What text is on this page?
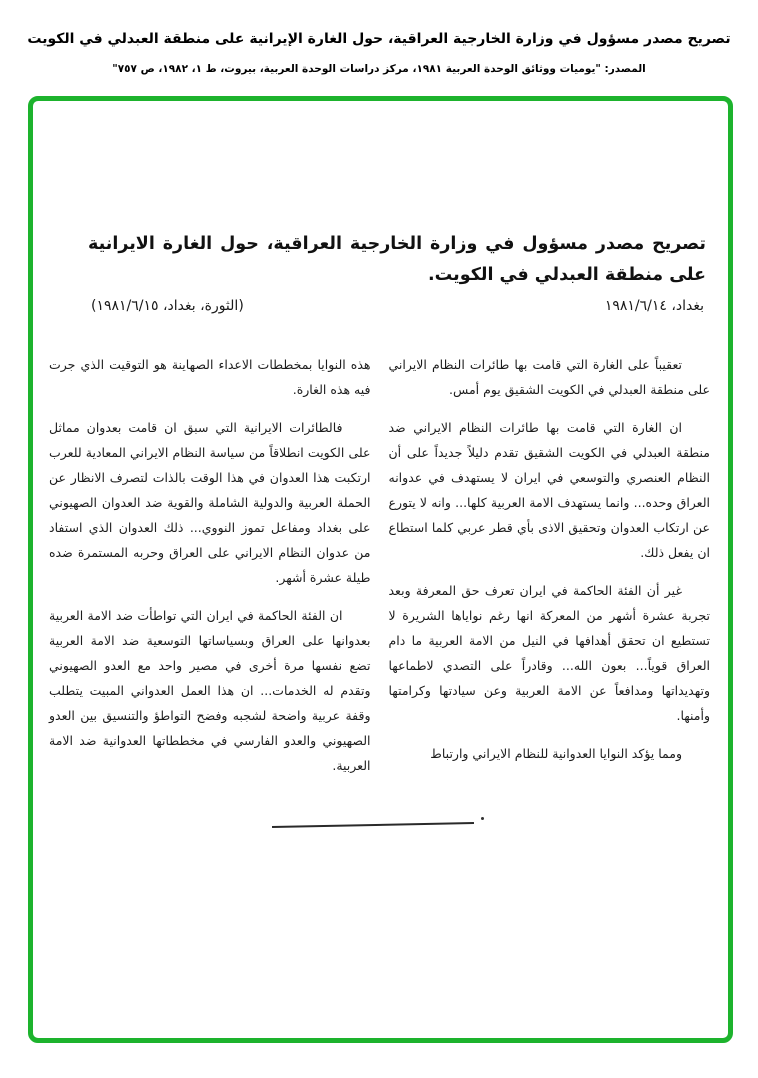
تصريح مصدر مسؤول في وزارة الخارجية العراقية، حول الغارة الإيرانية على منطقة العبدلي في الكويت
المصدر: "يوميات ووثائق الوحدة العربية ١٩٨١، مركز دراسات الوحدة العربية، بيروت، ط ١، ١٩٨٢، ص ٧٥٧"
تصريح مصدر مسؤول في وزارة الخارجية العراقية، حول الغارة الايرانية على منطقة العبدلي في الكويت.
بغداد، ١٩٨١/٦/١٤
(الثورة، بغداد، ١٩٨١/٦/١٥)

تعقيباً على الغارة التي قامت بها طائرات النظام الايراني على منطقة العبدلي في الكويت الشقيق يوم أمس.

ان الغارة التي قامت بها طائرات النظام الايراني ضد منطقة العبدلي في الكويت الشقيق تقدم دليلاً جديداً على أن النظام العنصري والتوسعي في ايران لا يستهدف في عدوانه العراق وحده... وانما يستهدف الامة العربية كلها... وانه لا يتورع عن ارتكاب العدوان وتحقيق الاذى بأي قطر عربي كلما استطاع ان يفعل ذلك.

غير أن الفئة الحاكمة في ايران تعرف حق المعرفة وبعد تجربة عشرة أشهر من المعركة انها رغم نواياها الشريرة لا تستطيع ان تحقق أهدافها في النيل من الامة العربية ما دام العراق قوياً... بعون الله... وقادراً على التصدي لاطماعها وتهديداتها ومدافعاً عن الامة العربية وعن سيادتها وكرامتها وأمنها.

ومما يؤكد النوايا العدوانية للنظام الايراني وارتباط

هذه النوايا بمخططات الاعداء الصهاينة هو التوقيت الذي جرت فيه هذه الغارة.

فالطائرات الايرانية التي سبق ان قامت بعدوان مماثل على الكويت انطلاقاً من سياسة النظام الايراني المعادية للعرب ارتكبت هذا العدوان في هذا الوقت بالذات لتصرف الانظار عن الحملة العربية والدولية الشاملة والقوية ضد العدوان الصهيوني على بغداد ومفاعل تموز النووي... ذلك العدوان الذي استفاد من عدوان النظام الايراني على العراق وحربه المستمرة ضده طيلة عشرة أشهر.

ان الفئة الحاكمة في ايران التي تواطأت ضد الامة العربية بعدوانها على العراق وبسياساتها التوسعية ضد الامة العربية تضع نفسها مرة أخرى في مصير واحد مع العدو الصهيوني وتقدم له الخدمات... ان هذا العمل العدواني المبيت يتطلب وقفة عربية واضحة لشجبه وفضح التواطؤ والتنسيق بين العدو الصهيوني والعدو الفارسي في مخططاتها العدوانية ضد الامة العربية.
